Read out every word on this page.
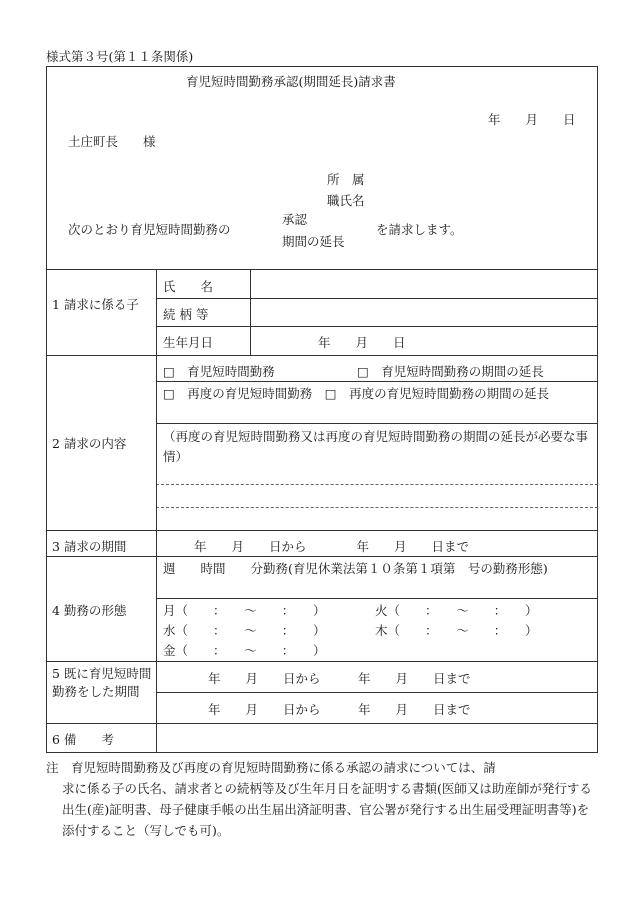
様式第３号(第１１条関係)
育児短時間勤務承認(期間延長)請求書
年　　月　　日
土庄町長　　様
所　属
職氏名
次のとおり育児短時間勤務の
承認
期間の延長
を請求します。
1 請求に係る子
氏　　名
続 柄 等
生年月日	年　　月　　日
2 請求の内容
□　育児短時間勤務	□　育児短時間勤務の期間の延長
□　再度の育児短時間勤務　□　再度の育児短時間勤務の期間の延長
（再度の育児短時間勤務又は再度の育児短時間勤務の期間の延長が必要な事情）
3 請求の期間	年　　月　　日から　　　　年　　月　　日まで
4 勤務の形態
週　　時間　　分勤務(育児休業法第１０条第１項第　号の勤務形態)
月（　　：　　〜　　：　　）	火（　　：　　〜　　：　　）
水（　　：　　〜　　：　　）	木（　　：　　〜　　：　　）
金（　　：　　〜　　：　　）
5 既に育児短時間勤務をした期間
年　　月　　日から　　　年　　月　　日まで
年　　月　　日から　　　年　　月　　日まで
6 備　　考
注　育児短時間勤務及び再度の育児短時間勤務に係る承認の請求については、請
求に係る子の氏名、請求者との続柄等及び生年月日を証明する書類(医師又は助産師が発行する出生(産)証明書、母子健康手帳の出生届出済証明書、官公署が発行する出生届受理証明書等)を添付すること（写しでも可)。
